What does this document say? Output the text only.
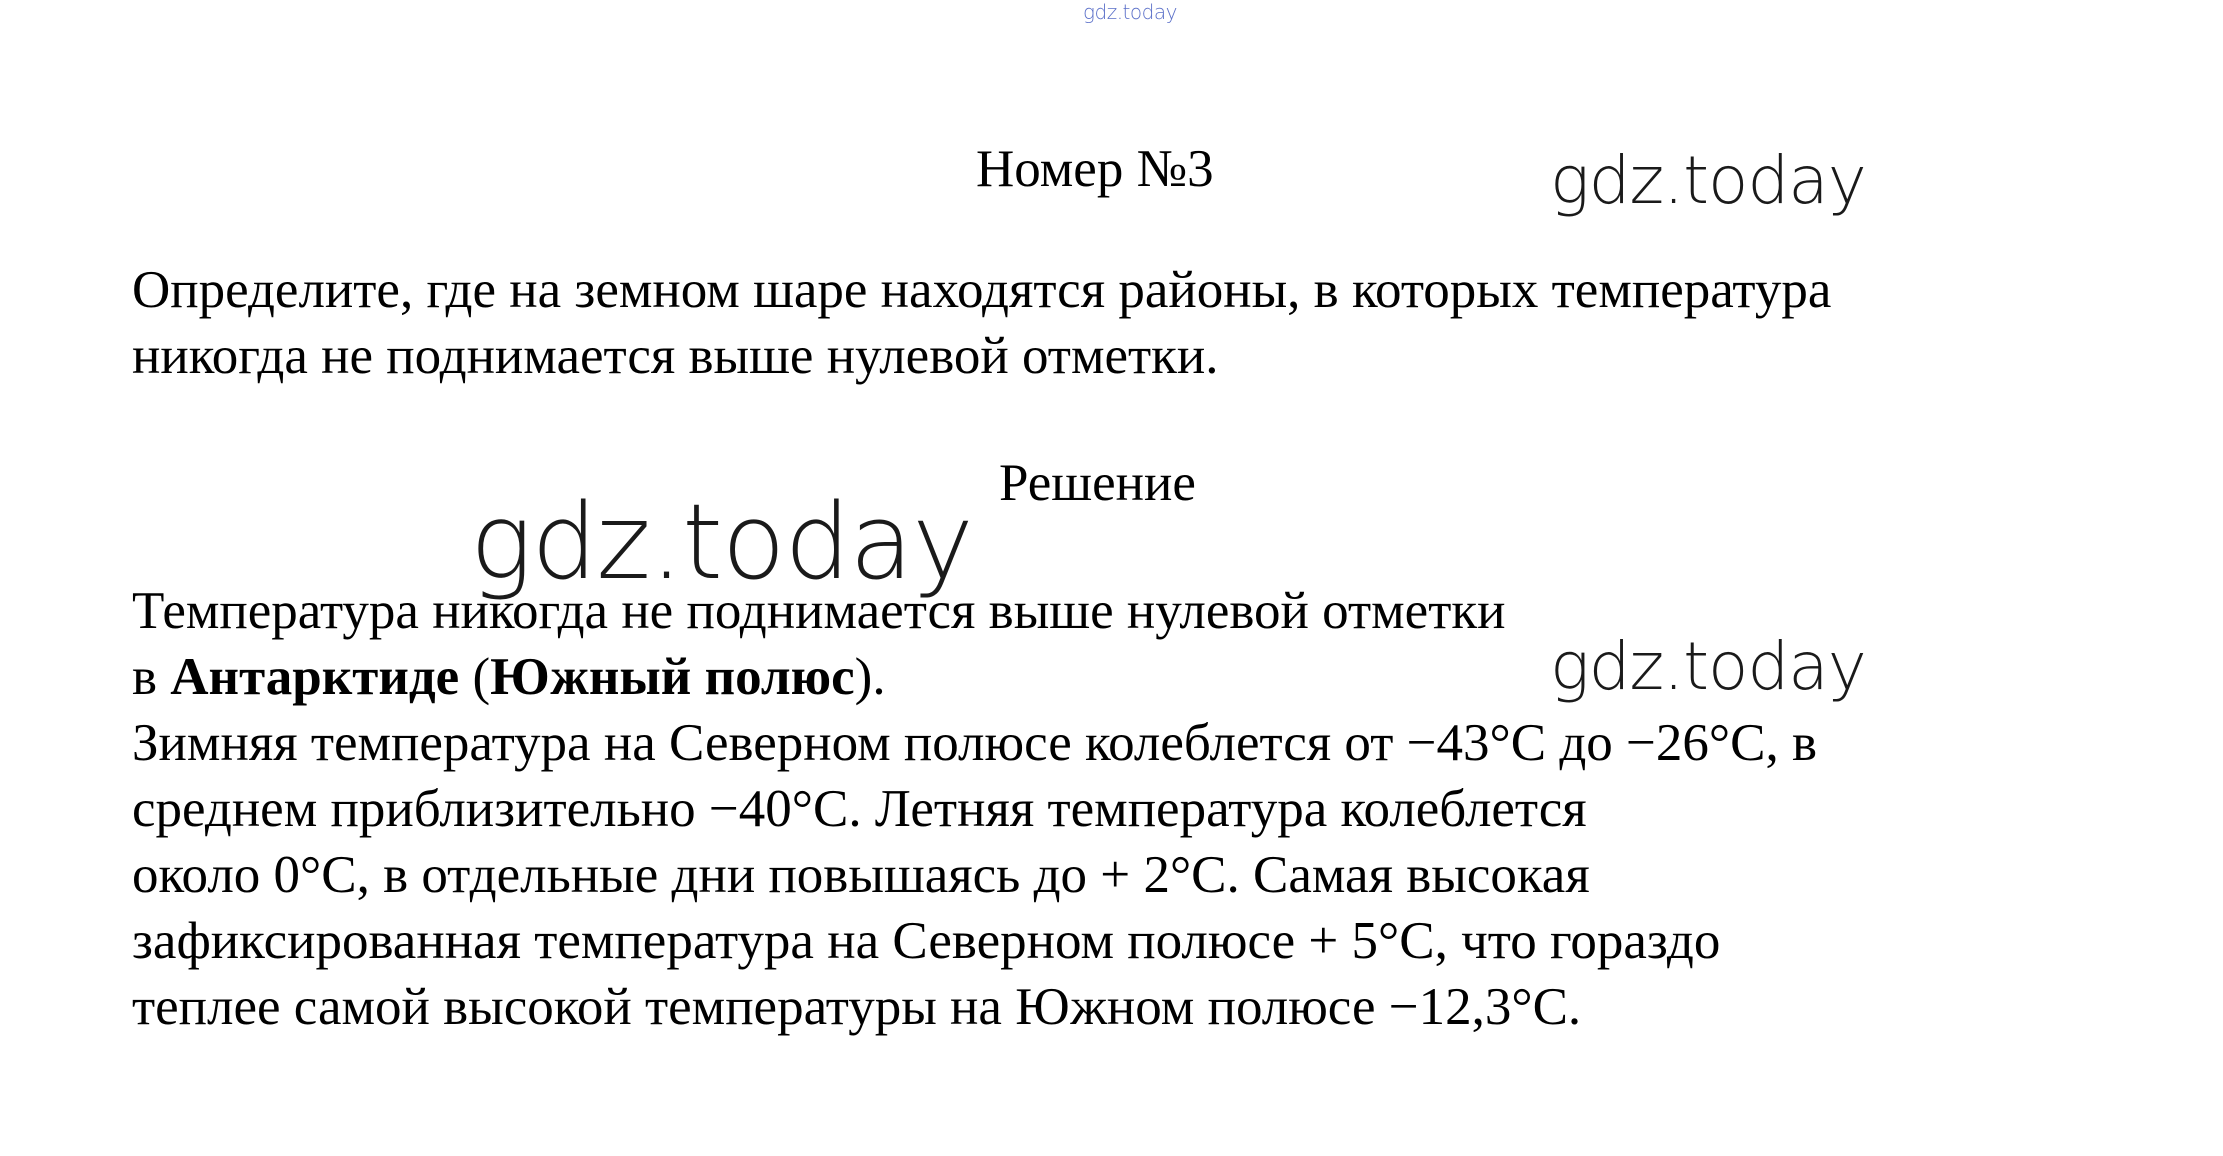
gdz.today
gdz.today
gdz.today
gdz.today
Номер №3
Определите, где на земном шаре находятся районы, в которых температура
никогда не поднимается выше нулевой отметки.
Решение
Температура никогда не поднимается выше нулевой отметки
в Антарктиде (Южный полюс).
Зимняя температура на Северном полюсе колеблется от −43°C до −26°C, в
среднем приблизительно −40°C. Летняя температура колеблется
около 0°C, в отдельные дни повышаясь до + 2°C. Самая высокая
зафиксированная температура на Северном полюсе + 5°C, что гораздо
теплее самой высокой температуры на Южном полюсе −12,3°C.
